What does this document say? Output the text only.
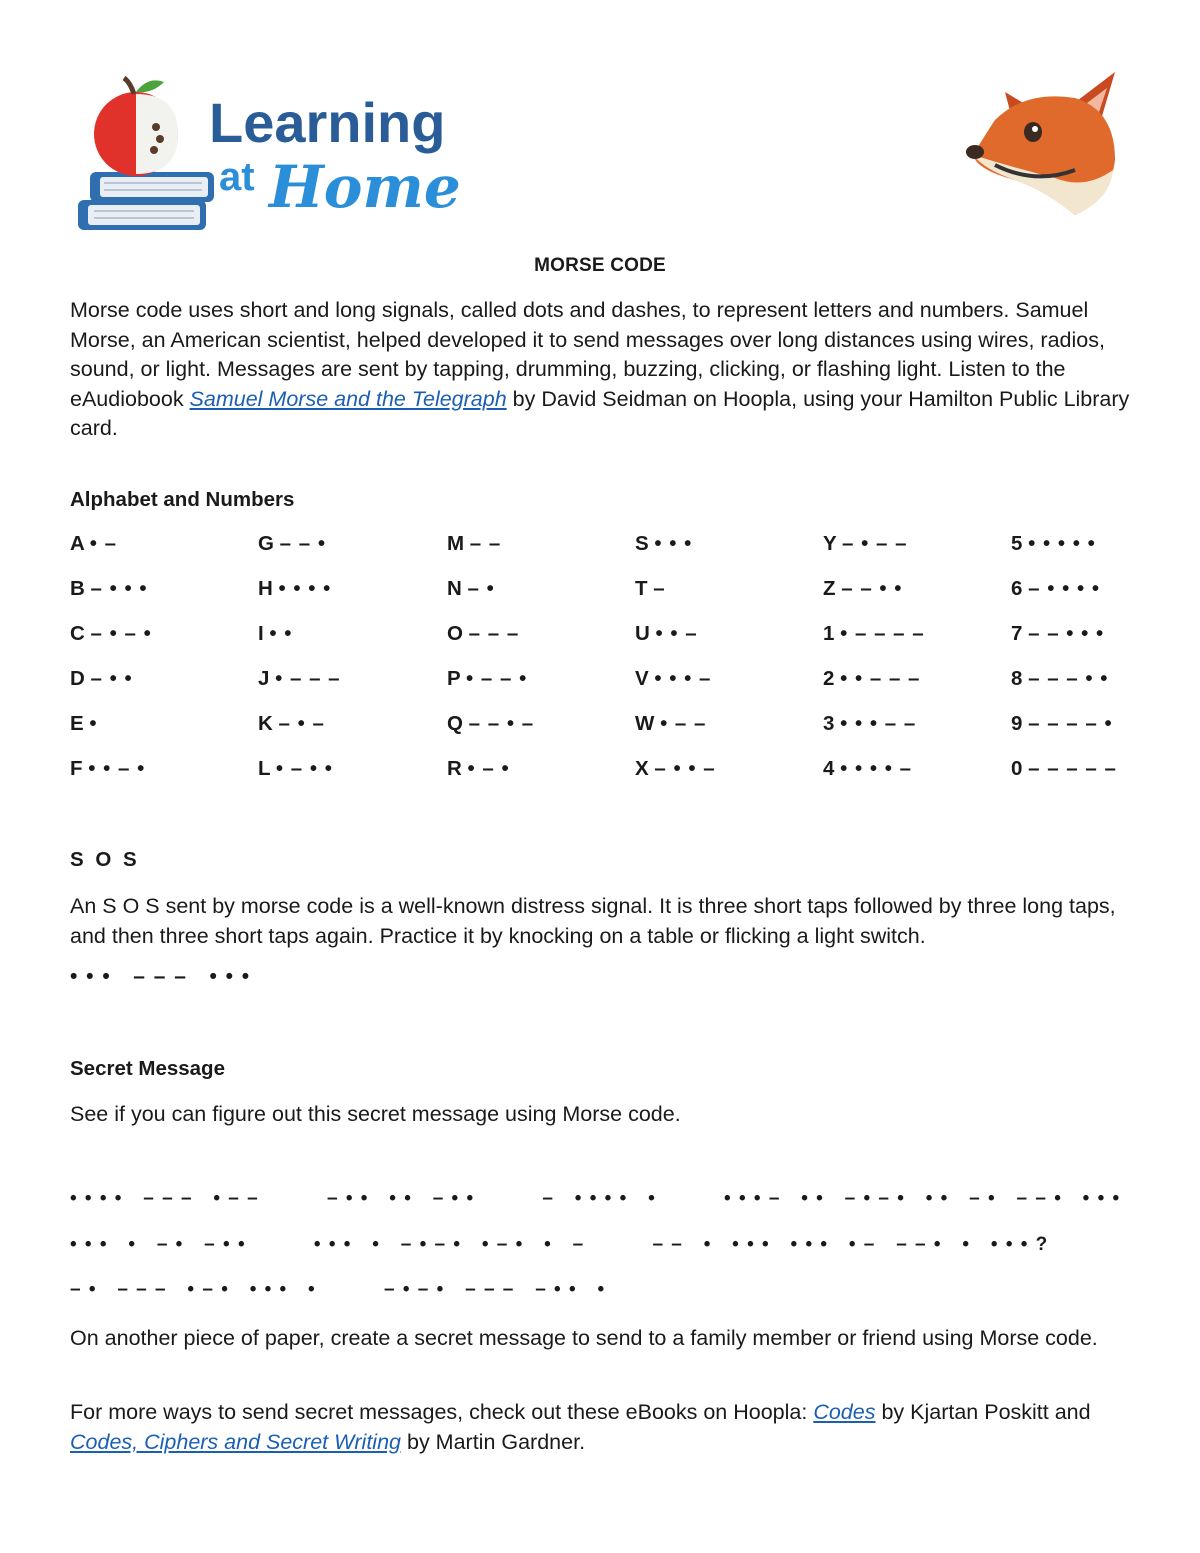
Learning
at Home
MORSE CODE

Morse code uses short and long signals, called dots and dashes, to represent letters and numbers. Samuel Morse, an American scientist, helped developed it to send messages over long distances using wires, radios, sound, or light. Messages are sent by tapping, drumming, buzzing, clicking, or flashing light. Listen to the eAudiobook Samuel Morse and the Telegraph by David Seidman on Hoopla, using your Hamilton Public Library card.

Alphabet and Numbers
A • –
B – • • •
C – • – •
D – • •
E •
F • • – •
G – – •
H • • • •
I • •
J • – – –
K – • –
L • – • •
M – –
N – •
O – – –
P • – – •
Q – – • –
R • – •
S • • •
T –
U • • –
V • • • –
W • – –
X – • • –
Y – • – –
Z – – • •
1 • – – – –
2 • • – – –
3 • • • – –
4 • • • • –
5 • • • • •
6 – • • • •
7 – – • • •
8 – – – • •
9 – – – – •
0 – – – – –
S O S

An S O S sent by morse code is a well-known distress signal. It is three short taps followed by three long taps, and then three short taps again. Practice it by knocking on a table or flicking a light switch.

• • •   – – –   • • •

Secret Message

See if you can figure out this secret message using Morse code.

• • • •   – – –   • – –          – • •   • •   – • •          –   • • • •   •          • • • –   • •   – • – •   • •   – •   – – •   • • •

• • •   •   – •   – • •          • • •   •   – • – •   • – •   •   –          – –   •   • • •   • • •   • –   – – •   •   • • • ?

– •   – – –   • – •   • • •   •          – • – •   – – –   – • •   •

On another piece of paper, create a secret message to send to a family member or friend using Morse code.

For more ways to send secret messages, check out these eBooks on Hoopla: Codes by Kjartan Poskitt and Codes, Ciphers and Secret Writing by Martin Gardner.
